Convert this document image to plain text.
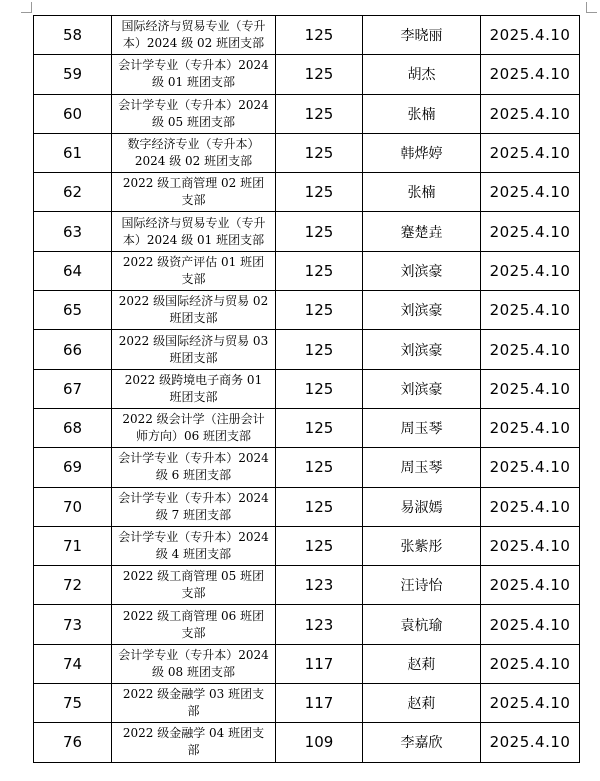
58	国际经济与贸易专业（专升本）2024 级 02 班团支部	125	李晓丽	2025.4.10
59	会计学专业（专升本）2024 级 01 班团支部	125	胡杰	2025.4.10
60	会计学专业（专升本）2024 级 05 班团支部	125	张楠	2025.4.10
61	数字经济专业（专升本）2024 级 02 班团支部	125	韩烨婷	2025.4.10
62	2022 级工商管理 02 班团支部	125	张楠	2025.4.10
63	国际经济与贸易专业（专升本）2024 级 01 班团支部	125	蹇楚垚	2025.4.10
64	2022 级资产评估 01 班团支部	125	刘滨豪	2025.4.10
65	2022 级国际经济与贸易 02 班团支部	125	刘滨豪	2025.4.10
66	2022 级国际经济与贸易 03 班团支部	125	刘滨豪	2025.4.10
67	2022 级跨境电子商务 01 班团支部	125	刘滨豪	2025.4.10
68	2022 级会计学（注册会计师方向）06 班团支部	125	周玉琴	2025.4.10
69	会计学专业（专升本）2024 级 6 班团支部	125	周玉琴	2025.4.10
70	会计学专业（专升本）2024 级 7 班团支部	125	易淑嫣	2025.4.10
71	会计学专业（专升本）2024 级 4 班团支部	125	张紫彤	2025.4.10
72	2022 级工商管理 05 班团支部	123	汪诗怡	2025.4.10
73	2022 级工商管理 06 班团支部	123	袁杭瑜	2025.4.10
74	会计学专业（专升本）2024 级 08 班团支部	117	赵莉	2025.4.10
75	2022 级金融学 03 班团支部	117	赵莉	2025.4.10
76	2022 级金融学 04 班团支部	109	李嘉欣	2025.4.10
